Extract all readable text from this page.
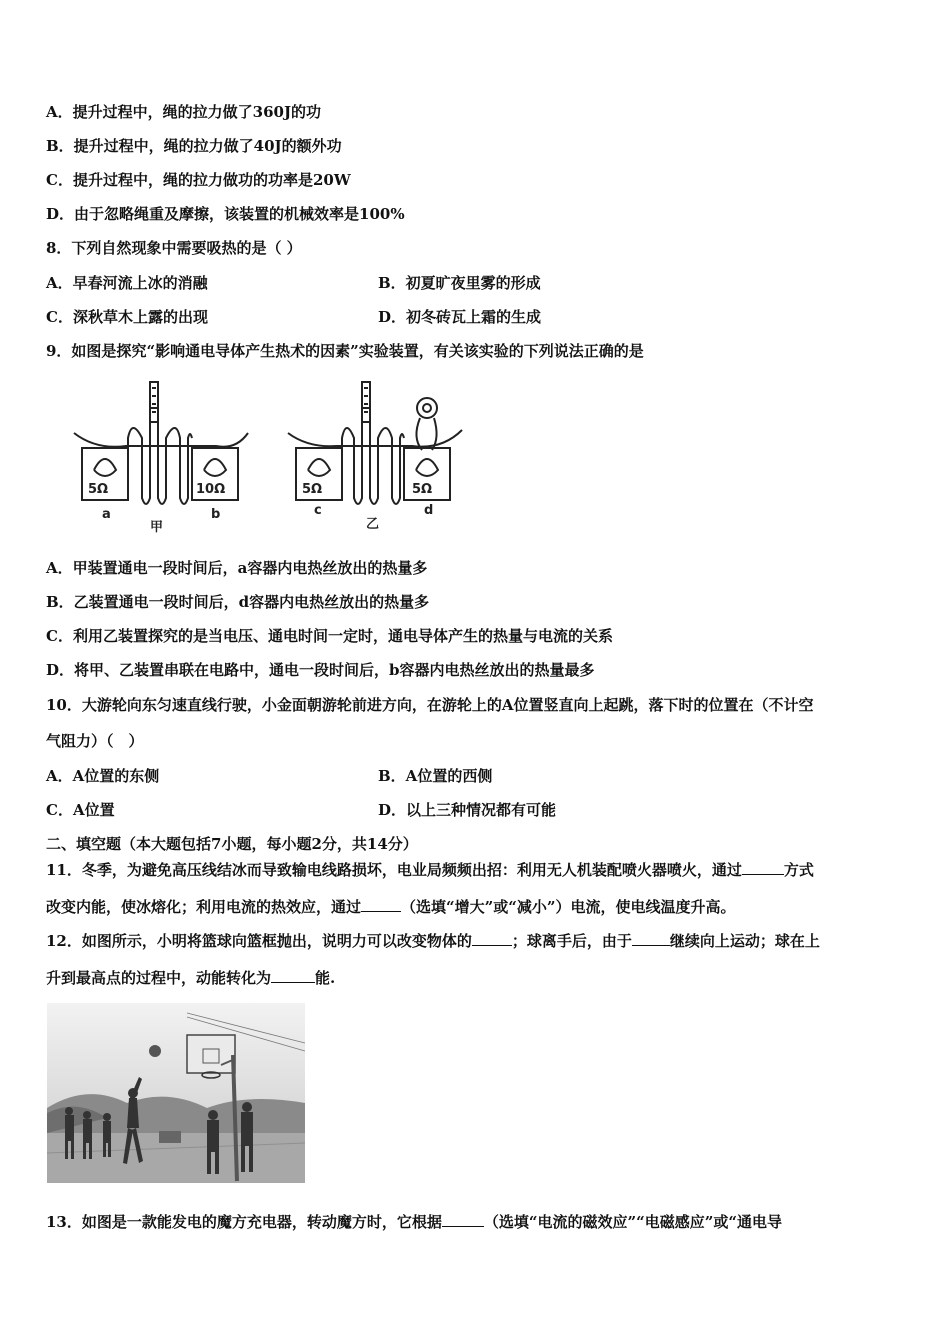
A．提升过程中，绳的拉力做了360J的功
B．提升过程中，绳的拉力做了40J的额外功
C．提升过程中，绳的拉力做功的功率是20W
D．由于忽略绳重及摩擦，该装置的机械效率是100%
8．下列自然现象中需要吸热的是（ ）
A．早春河流上冰的消融	B．初夏旷夜里雾的形成
C．深秋草木上露的出现	D．初冬砖瓦上霜的生成
9．如图是探究“影响通电导体产生热术的因素”实验装置，有关该实验的下列说法正确的是
5Ω	10Ω
a	b
甲
5Ω	5Ω
c	d
乙
A．甲装置通电一段时间后，a容器内电热丝放出的热量多
B．乙装置通电一段时间后，d容器内电热丝放出的热量多
C．利用乙装置探究的是当电压、通电时间一定时，通电导体产生的热量与电流的关系
D．将甲、乙装置串联在电路中，通电一段时间后，b容器内电热丝放出的热量最多
10．大游轮向东匀速直线行驶，小金面朝游轮前进方向，在游轮上的A位置竖直向上起跳，落下时的位置在（不计空
气阻力）（　）
A．A位置的东侧	B．A位置的西侧
C．A位置	D．以上三种情况都有可能
二、填空题（本大题包括7小题，每小题2分，共14分）
11．冬季，为避免高压线结冰而导致输电线路损坏，电业局频频出招：利用无人机装配喷火器喷火，通过	方式
改变内能，使冰熔化；利用电流的热效应，通过	（选填“增大”或“减小”）电流，使电线温度升高。
12．如图所示，小明将篮球向篮框抛出，说明力可以改变物体的	；球离手后，由于	继续向上运动；球在上
升到最高点的过程中，动能转化为	能.
13．如图是一款能发电的魔方充电器，转动魔方时，它根据	（选填“电流的磁效应”“电磁感应”或“通电导
